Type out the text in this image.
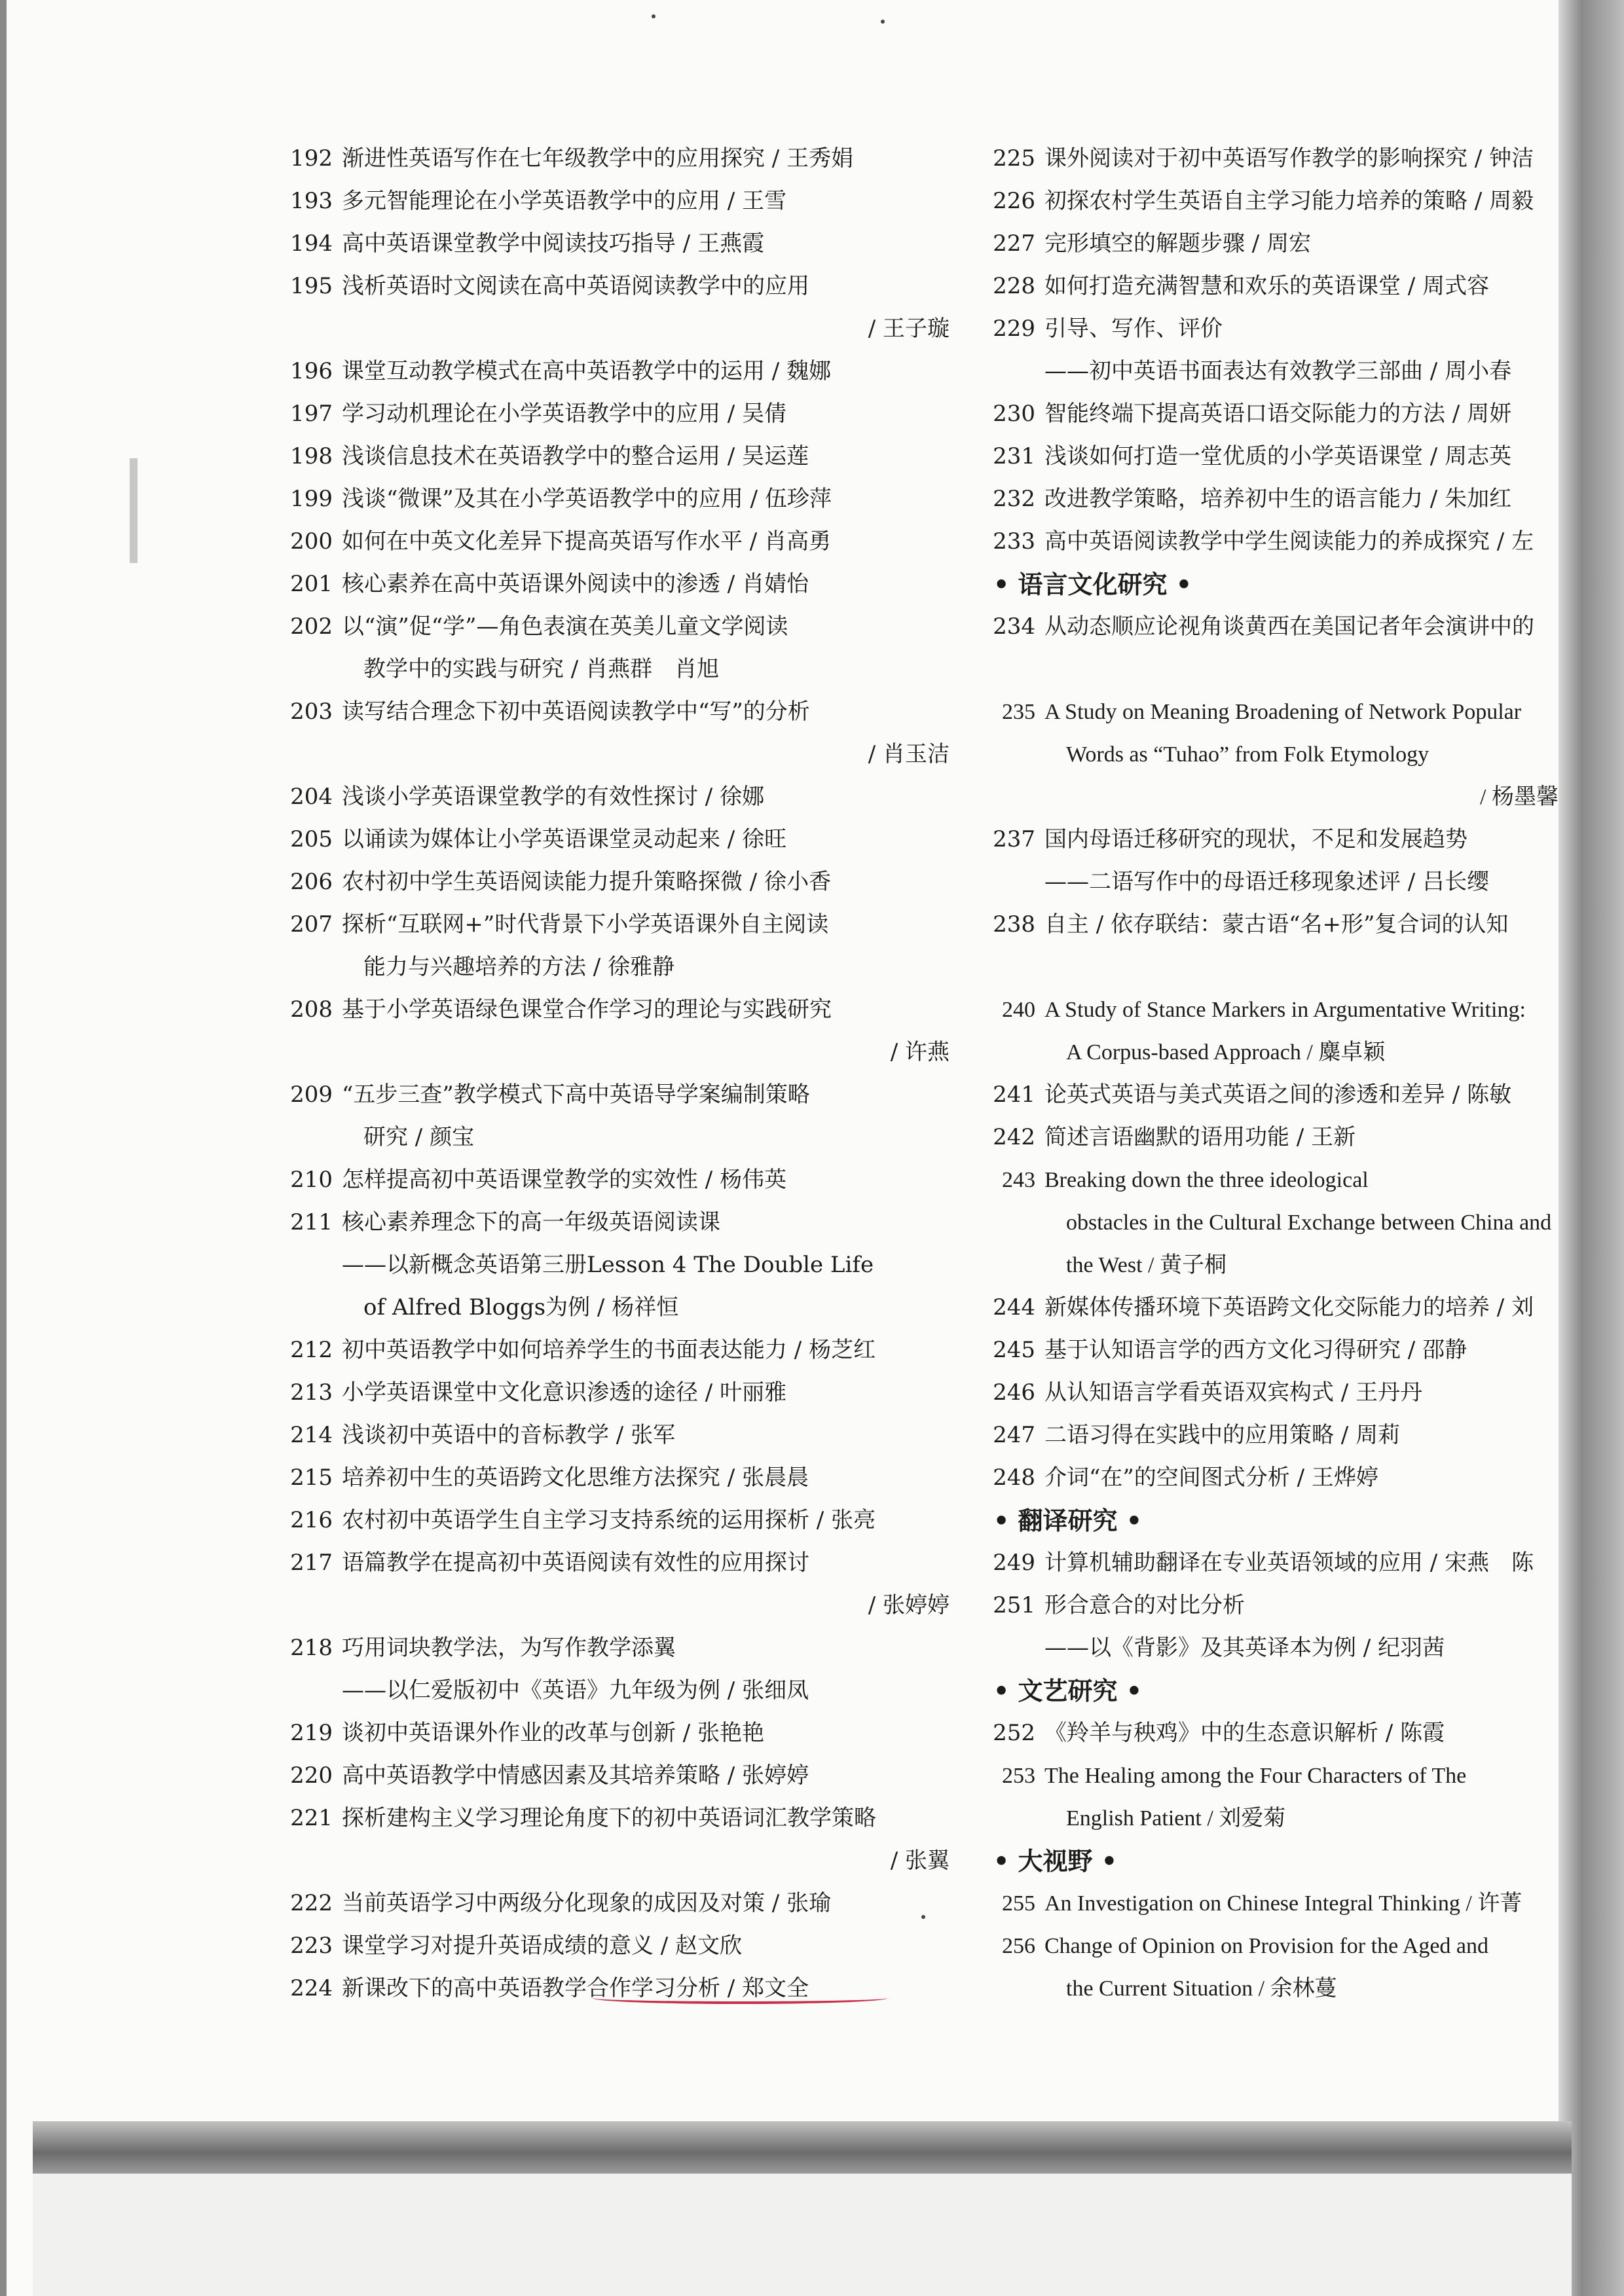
192 渐进性英语写作在七年级教学中的应用探究 / 王秀娟
193 多元智能理论在小学英语教学中的应用 / 王雪
194 高中英语课堂教学中阅读技巧指导 / 王燕霞
195 浅析英语时文阅读在高中英语阅读教学中的应用
/ 王子璇
196 课堂互动教学模式在高中英语教学中的运用 / 魏娜
197 学习动机理论在小学英语教学中的应用 / 吴倩
198 浅谈信息技术在英语教学中的整合运用 / 吴运莲
199 浅谈“微课”及其在小学英语教学中的应用 / 伍珍萍
200 如何在中英文化差异下提高英语写作水平 / 肖高勇
201 核心素养在高中英语课外阅读中的渗透 / 肖婧怡
202 以“演”促“学”—角色表演在英美儿童文学阅读
教学中的实践与研究 / 肖燕群　肖旭
203 读写结合理念下初中英语阅读教学中“写”的分析
/ 肖玉洁
204 浅谈小学英语课堂教学的有效性探讨 / 徐娜
205 以诵读为媒体让小学英语课堂灵动起来 / 徐旺
206 农村初中学生英语阅读能力提升策略探微 / 徐小香
207 探析“互联网+”时代背景下小学英语课外自主阅读
能力与兴趣培养的方法 / 徐雅静
208 基于小学英语绿色课堂合作学习的理论与实践研究
/ 许燕
209 “五步三查”教学模式下高中英语导学案编制策略
研究 / 颜宝
210 怎样提高初中英语课堂教学的实效性 / 杨伟英
211 核心素养理念下的高一年级英语阅读课
——以新概念英语第三册Lesson 4 The Double Life
of Alfred Bloggs为例 / 杨祥恒
212 初中英语教学中如何培养学生的书面表达能力 / 杨芝红
213 小学英语课堂中文化意识渗透的途径 / 叶丽雅
214 浅谈初中英语中的音标教学 / 张军
215 培养初中生的英语跨文化思维方法探究 / 张晨晨
216 农村初中英语学生自主学习支持系统的运用探析 / 张亮
217 语篇教学在提高初中英语阅读有效性的应用探讨
/ 张婷婷
218 巧用词块教学法，为写作教学添翼
——以仁爱版初中《英语》九年级为例 / 张细凤
219 谈初中英语课外作业的改革与创新 / 张艳艳
220 高中英语教学中情感因素及其培养策略 / 张婷婷
221 探析建构主义学习理论角度下的初中英语词汇教学策略
/ 张翼
222 当前英语学习中两级分化现象的成因及对策 / 张瑜
223 课堂学习对提升英语成绩的意义 / 赵文欣
224 新课改下的高中英语教学合作学习分析 / 郑文全
225 课外阅读对于初中英语写作教学的影响探究 / 钟洁
226 初探农村学生英语自主学习能力培养的策略 / 周毅
227 完形填空的解题步骤 / 周宏
228 如何打造充满智慧和欢乐的英语课堂 / 周式容
229 引导、写作、评价
——初中英语书面表达有效教学三部曲 / 周小春
230 智能终端下提高英语口语交际能力的方法 / 周妍
231 浅谈如何打造一堂优质的小学英语课堂 / 周志英
232 改进教学策略，培养初中生的语言能力 / 朱加红
233 高中英语阅读教学中学生阅读能力的养成探究 / 左
• 语言文化研究 •
234 从动态顺应论视角谈黄西在美国记者年会演讲中的
235 A Study on Meaning Broadening of Network Popular
Words as “Tuhao” from Folk Etymology
/ 杨墨馨
237 国内母语迁移研究的现状，不足和发展趋势
——二语写作中的母语迁移现象述评 / 吕长缨
238 自主 / 依存联结：蒙古语“名+形”复合词的认知
240 A Study of Stance Markers in Argumentative Writing:
A Corpus-based Approach / 麋卓颖
241 论英式英语与美式英语之间的渗透和差异 / 陈敏
242 简述言语幽默的语用功能 / 王新
243 Breaking down the three ideological
obstacles in the Cultural Exchange between China and
the West / 黄子桐
244 新媒体传播环境下英语跨文化交际能力的培养 / 刘
245 基于认知语言学的西方文化习得研究 / 邵静
246 从认知语言学看英语双宾构式 / 王丹丹
247 二语习得在实践中的应用策略 / 周莉
248 介词“在”的空间图式分析 / 王烨婷
• 翻译研究 •
249 计算机辅助翻译在专业英语领域的应用 / 宋燕　陈
251 形合意合的对比分析
——以《背影》及其英译本为例 / 纪羽茜
• 文艺研究 •
252 《羚羊与秧鸡》中的生态意识解析 / 陈霞
253 The Healing among the Four Characters of The
English Patient / 刘爱菊
• 大视野 •
255 An Investigation on Chinese Integral Thinking / 许菁
256 Change of Opinion on Provision for the Aged and
the Current Situation / 余林蔓
